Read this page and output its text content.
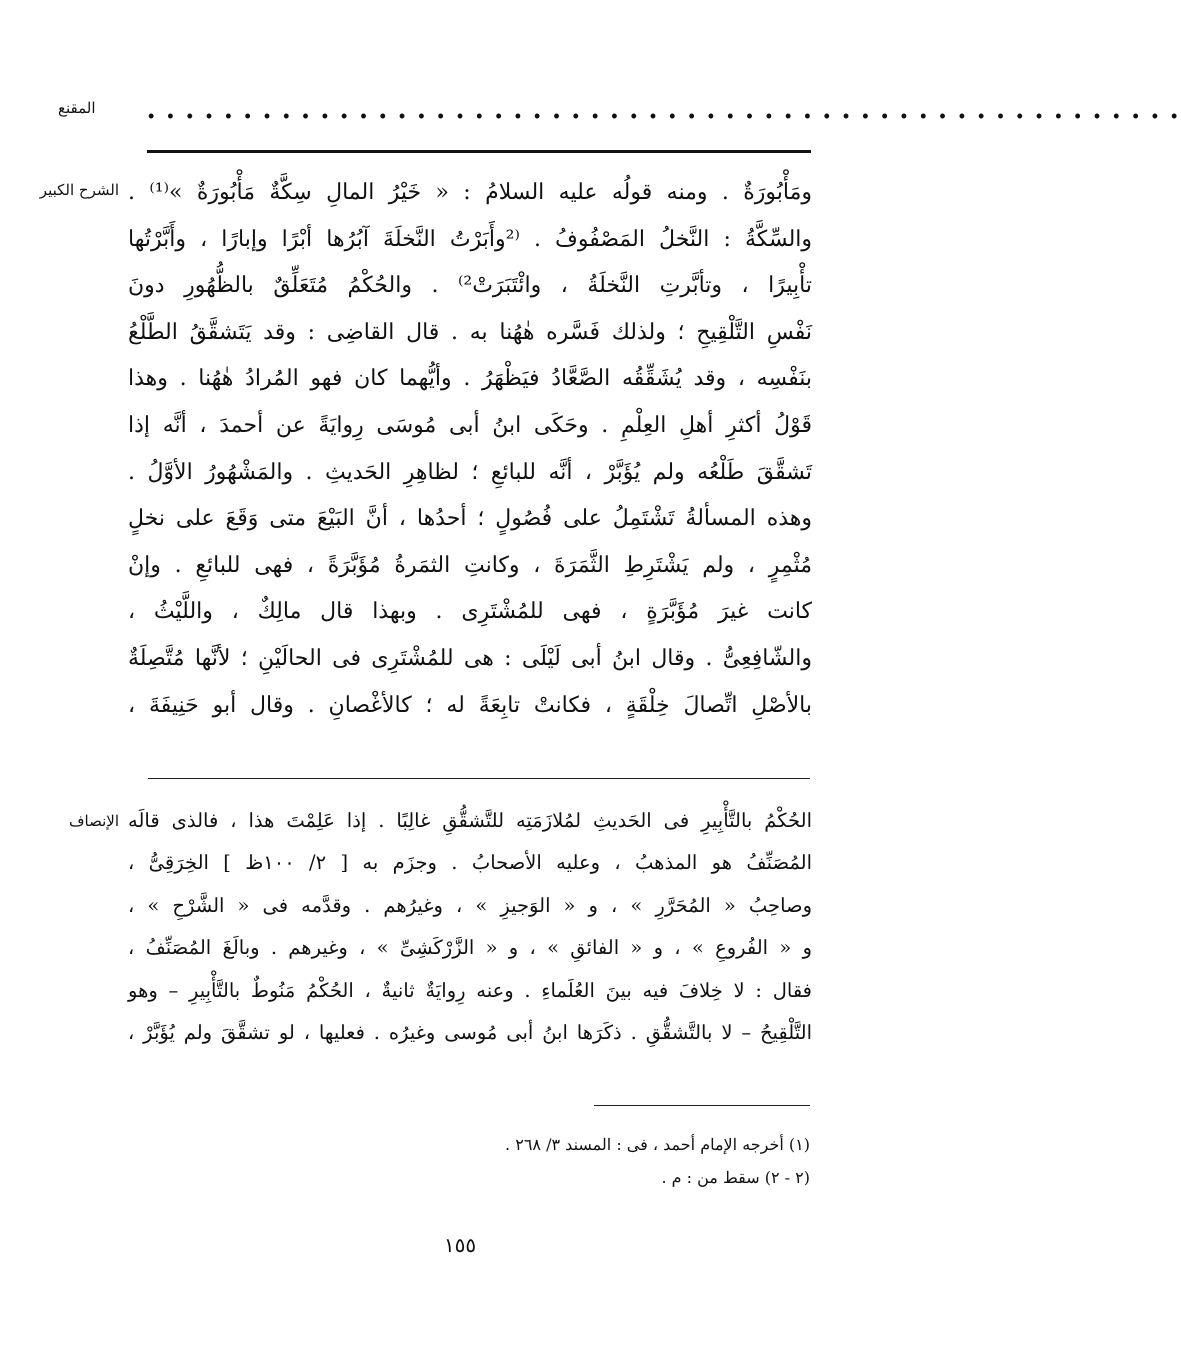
المقنع	• • • • • • • • • • • • • • • • • • • • • • • • • • • • • • • • • • • • • • • • • • • • • • • • • • • • • •
الشرح الكبير ومَأْبُورَةٌ . ومنه قولُه عليه السلامُ : « خَيْرُ المالِ سِكَّةٌ مَأْبُورَةٌ »⁽¹⁾ .
والسِّكَّةُ : النَّخلُ المَصْفُوفُ . ⁽²وأَبَرْتُ النَّخلَةَ آبُرُها أبْرًا وإبارًا ، وأَبَّرْتُها
تأْبِيرًا ، وتأبَّرتِ النَّخلَةُ ، وائْتَبَرَتْ²⁾ . والحُكْمُ مُتَعَلِّقٌ بالظُّهُورِ دونَ
نَفْسِ التَّلْقِيحِ ؛ ولذلك فَسَّره هٰهُنا به . قال القاضِى : وقد يَتَشقَّقُ الطَّلْعُ
بنَفْسِه ، وقد يُشَقِّقُه الصَّعَّادُ فيَظْهَرُ . وأيُّهما كان فهو المُرادُ هٰهُنا . وهذا
قَوْلُ أكثرِ أهلِ العِلْمِ . وحَكَى ابنُ أبى مُوسَى رِوايَةً عن أحمدَ ، أنَّه إذا
تَشقَّقَ طَلْعُه ولم يُؤَبَّرْ ، أنَّه للبائعِ ؛ لظاهِرِ الحَديثِ . والمَشْهُورُ الأوَّلُ .
وهذه المسألةُ تَشْتَمِلُ على فُصُولٍ ؛ أحدُها ، أنَّ البَيْعَ متى وَقَعَ على نخلٍ
مُثْمِرٍ ، ولم يَشْتَرِطِ الثَّمَرَةَ ، وكانتِ الثمَرةُ مُؤَبَّرَةً ، فهى للبائعِ . وإنْ
كانت غيرَ مُؤَبَّرَةٍ ، فهى للمُشْتَرِى . وبهذا قال مالِكٌ ، واللَّيْثُ ،
والشّافِعِىُّ . وقال ابنُ أبى لَيْلَى : هى للمُشْتَرِى فى الحالَيْنِ ؛ لأنَّها مُتَّصِلَةٌ
بالأصْلِ اتِّصالَ خِلْقَةٍ ، فكانتْ تابِعَةً له ؛ كالأغْصانِ . وقال أبو حَنِيفَةَ ،
الإنصاف الحُكْمُ بالتَّأْبِيرِ فى الحَديثِ لمُلازَمَتِه للتَّشقُّقِ غالِبًا . إذا عَلِمْتَ هذا ، فالذى قالَه
المُصَنِّفُ هو المذهبُ ، وعليه الأصحابُ . وجزَم به [ ٢/ ١٠٠ظ ] الخِرَقِىُّ ،
وصاحِبُ « المُحَرَّرِ » ، و « الوَجيزِ » ، وغيرُهم . وقدَّمه فى « الشَّرْحِ » ،
و « الفُروعِ » ، و « الفائقِ » ، و « الزَّرْكَشِىِّ » ، وغيرهم . وبالَغَ المُصَنِّفُ ،
فقال : لا خِلافَ فيه بينَ العُلَماءِ . وعنه رِوايَةٌ ثانيةٌ ، الحُكْمُ مَنُوطٌ بالتَّأْبِيرِ – وهو
التَّلْقِيحُ – لا بالتَّشقُّقِ . ذكَرَها ابنُ أبى مُوسى وغيرُه . فعليها ، لو تشقَّقَ ولم يُؤَبَّرْ ،
(١) أخرجه الإمام أحمد ، فى : المسند ٣/ ٢٦٨ .
(٢ - ٢) سقط من : م .
١٥٥
